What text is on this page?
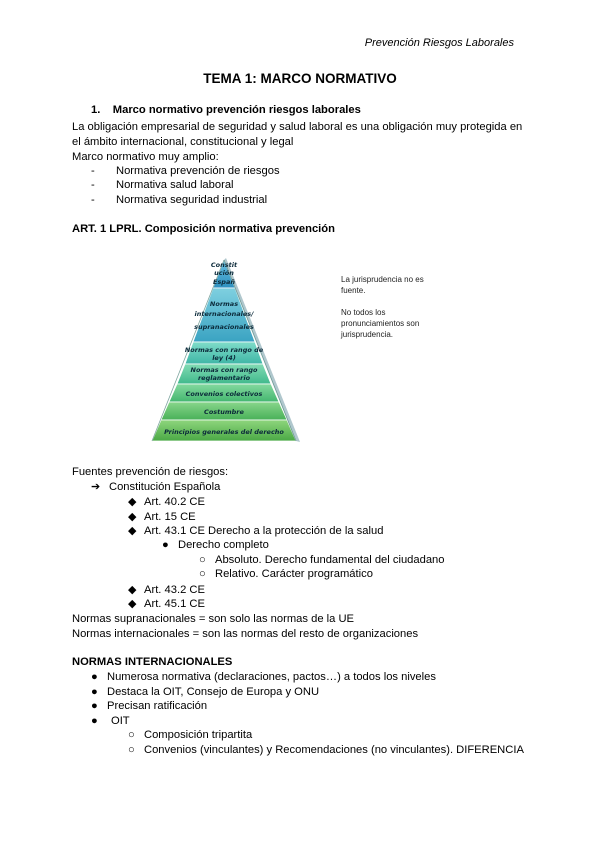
Prevención Riesgos Laborales
TEMA 1: MARCO NORMATIVO
1. Marco normativo prevención riesgos laborales
La obligación empresarial de seguridad y salud laboral es una obligación muy protegida en
el ámbito internacional, constitucional y legal
Marco normativo muy amplio:
- Normativa prevención de riesgos
- Normativa salud laboral
- Normativa seguridad industrial
ART. 1 LPRL. Composición normativa prevención
Constit
ución
Españ
Normas
internacionales/
supranacionales
Normas con rango de
ley (4)
Normas con rango
reglamentario
Convenios colectivos
Costumbre
Principios generales del derecho
La jurisprudencia no es
fuente.
No todos los
pronunciamientos son
jurisprudencia.
Fuentes prevención de riesgos:
➔ Constitución Española
◆ Art. 40.2 CE
◆ Art. 15 CE
◆ Art. 43.1 CE Derecho a la protección de la salud
● Derecho completo
○ Absoluto. Derecho fundamental del ciudadano
○ Relativo. Carácter programático
◆ Art. 43.2 CE
◆ Art. 45.1 CE
Normas supranacionales = son solo las normas de la UE
Normas internacionales = son las normas del resto de organizaciones
NORMAS INTERNACIONALES
● Numerosa normativa (declaraciones, pactos…) a todos los niveles
● Destaca la OIT, Consejo de Europa y ONU
● Precisan ratificación
● OIT
○ Composición tripartita
○ Convenios (vinculantes) y Recomendaciones (no vinculantes). DIFERENCIA
